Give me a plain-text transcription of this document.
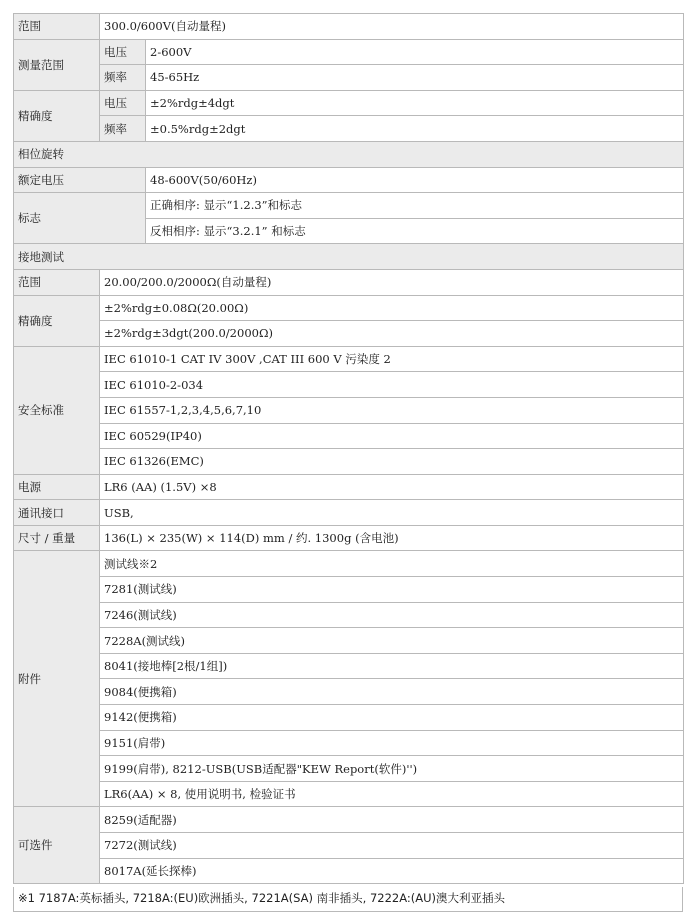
范围	300.0/600V(自动量程)	
测量范围	电压	2-600V
	频率	45-65Hz
精确度	电压	±2%rdg±4dgt
	频率	±0.5%rdg±2dgt
相位旋转		
额定电压		48-600V(50/60Hz)
标志		正确相序: 显示“1.2.3”和标志
		反相相序: 显示“3.2.1” 和标志
接地测试		
范围	20.00/200.0/2000Ω(自动量程)	
精确度	±2%rdg±0.08Ω(20.00Ω)	
	±2%rdg±3dgt(200.0/2000Ω)	
安全标准	IEC 61010-1 CAT IV 300V ,CAT III 600 V 污染度 2	
	IEC 61010-2-034	
	IEC 61557-1,2,3,4,5,6,7,10	
	IEC 60529(IP40)	
	IEC 61326(EMC)	
电源	LR6 (AA) (1.5V) ×8	
通讯接口	USB,	
尺寸 / 重量	136(L) × 235(W) × 114(D) mm / 约. 1300g (含电池)	
附件	测试线※2	
	7281(测试线)	
	7246(测试线)	
	7228A(测试线)	
	8041(接地棒[2根/1组])	
	9084(便携箱)	
	9142(便携箱)	
	9151(肩带)	
	9199(肩带), 8212-USB(USB适配器"KEW Report(软件)'')	
	LR6(AA) × 8, 使用说明书, 检验证书	
可选件	8259(适配器)	
	7272(测试线)	
	8017A(延长探棒)	
※1 7187A:英标插头, 7218A:(EU)欧洲插头, 7221A(SA) 南非插头, 7222A:(AU)澳大利亚插头
